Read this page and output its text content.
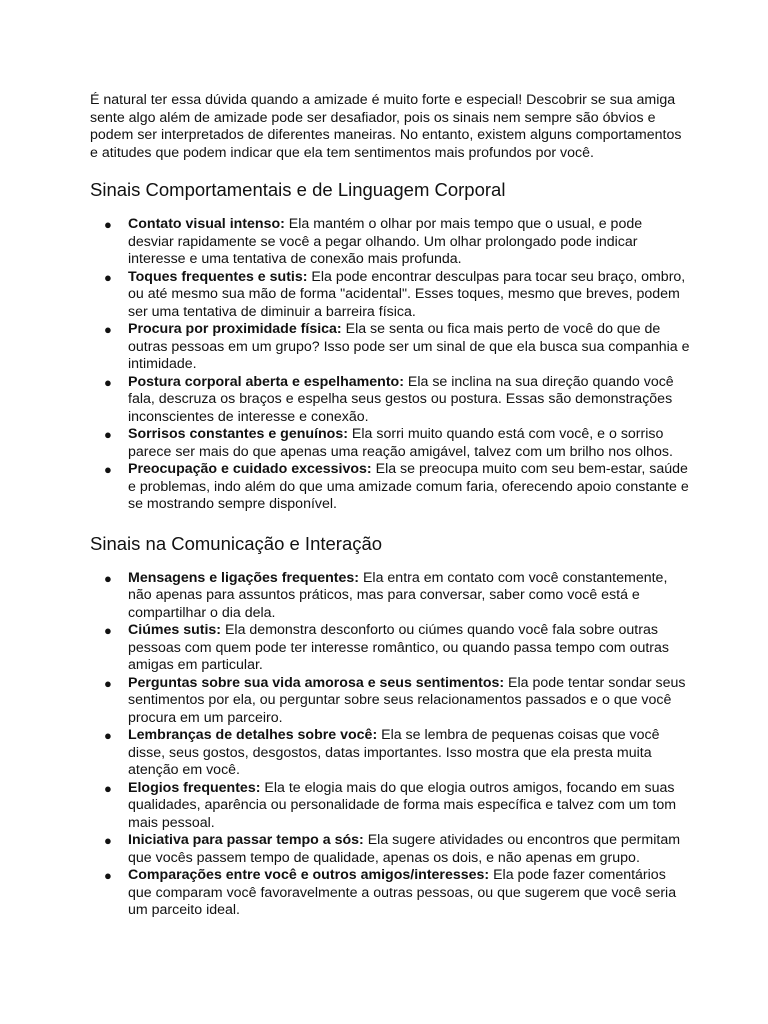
É natural ter essa dúvida quando a amizade é muito forte e especial! Descobrir se sua amiga sente algo além de amizade pode ser desafiador, pois os sinais nem sempre são óbvios e podem ser interpretados de diferentes maneiras. No entanto, existem alguns comportamentos e atitudes que podem indicar que ela tem sentimentos mais profundos por você.

Sinais Comportamentais e de Linguagem Corporal
● Contato visual intenso: Ela mantém o olhar por mais tempo que o usual, e pode desviar rapidamente se você a pegar olhando. Um olhar prolongado pode indicar interesse e uma tentativa de conexão mais profunda.
● Toques frequentes e sutis: Ela pode encontrar desculpas para tocar seu braço, ombro, ou até mesmo sua mão de forma "acidental". Esses toques, mesmo que breves, podem ser uma tentativa de diminuir a barreira física.
● Procura por proximidade física: Ela se senta ou fica mais perto de você do que de outras pessoas em um grupo? Isso pode ser um sinal de que ela busca sua companhia e intimidade.
● Postura corporal aberta e espelhamento: Ela se inclina na sua direção quando você fala, descruza os braços e espelha seus gestos ou postura. Essas são demonstrações inconscientes de interesse e conexão.
● Sorrisos constantes e genuínos: Ela sorri muito quando está com você, e o sorriso parece ser mais do que apenas uma reação amigável, talvez com um brilho nos olhos.
● Preocupação e cuidado excessivos: Ela se preocupa muito com seu bem-estar, saúde e problemas, indo além do que uma amizade comum faria, oferecendo apoio constante e se mostrando sempre disponível.
Sinais na Comunicação e Interação
● Mensagens e ligações frequentes: Ela entra em contato com você constantemente, não apenas para assuntos práticos, mas para conversar, saber como você está e compartilhar o dia dela.
● Ciúmes sutis: Ela demonstra desconforto ou ciúmes quando você fala sobre outras pessoas com quem pode ter interesse romântico, ou quando passa tempo com outras amigas em particular.
● Perguntas sobre sua vida amorosa e seus sentimentos: Ela pode tentar sondar seus sentimentos por ela, ou perguntar sobre seus relacionamentos passados e o que você procura em um parceiro.
● Lembranças de detalhes sobre você: Ela se lembra de pequenas coisas que você disse, seus gostos, desgostos, datas importantes. Isso mostra que ela presta muita atenção em você.
● Elogios frequentes: Ela te elogia mais do que elogia outros amigos, focando em suas qualidades, aparência ou personalidade de forma mais específica e talvez com um tom mais pessoal.
● Iniciativa para passar tempo a sós: Ela sugere atividades ou encontros que permitam que vocês passem tempo de qualidade, apenas os dois, e não apenas em grupo.
● Comparações entre você e outros amigos/interesses: Ela pode fazer comentários que comparam você favoravelmente a outras pessoas, ou que sugerem que você seria um parceito ideal.
